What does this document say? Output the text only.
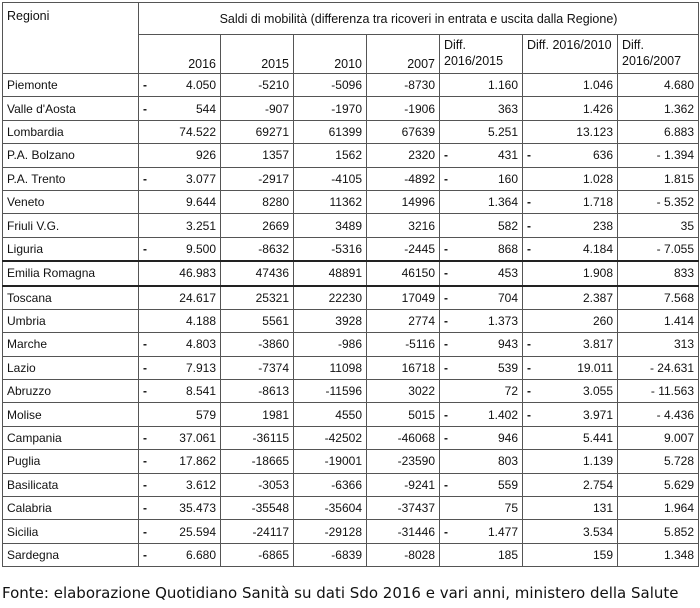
Regioni	Saldi di mobilità (differenza tra ricoveri in entrata e uscita dalla Regione)						
	2016	2015	2010	2007	Diff. 2016/2015	Diff. 2016/2010	Diff. 2016/2007
Piemonte	- 4.050	-5210	-5096	-8730	1.160	1.046	4.680
Valle d'Aosta	- 544	-907	-1970	-1906	363	1.426	1.362
Lombardia	74.522	69271	61399	67639	5.251	13.123	6.883
P.A. Bolzano	926	1357	1562	2320	- 431	- 636	- 1.394
P.A. Trento	- 3.077	-2917	-4105	-4892	- 160	1.028	1.815
Veneto	9.644	8280	11362	14996	1.364	- 1.718	- 5.352
Friuli V.G.	3.251	2669	3489	3216	582	- 238	35
Liguria	- 9.500	-8632	-5316	-2445	- 868	- 4.184	- 7.055
Emilia Romagna	46.983	47436	48891	46150	- 453	1.908	833
Toscana	24.617	25321	22230	17049	- 704	2.387	7.568
Umbria	4.188	5561	3928	2774	- 1.373	260	1.414
Marche	- 4.803	-3860	-986	-5116	- 943	- 3.817	313
Lazio	- 7.913	-7374	11098	16718	- 539	- 19.011	- 24.631
Abruzzo	- 8.541	-8613	-11596	3022	72	- 3.055	- 11.563
Molise	579	1981	4550	5015	- 1.402	- 3.971	- 4.436
Campania	- 37.061	-36115	-42502	-46068	- 946	5.441	9.007
Puglia	- 17.862	-18665	-19001	-23590	803	1.139	5.728
Basilicata	- 3.612	-3053	-6366	-9241	- 559	2.754	5.629
Calabria	- 35.473	-35548	-35604	-37437	75	131	1.964
Sicilia	- 25.594	-24117	-29128	-31446	- 1.477	3.534	5.852
Sardegna	- 6.680	-6865	-6839	-8028	185	159	1.348
Fonte: elaborazione Quotidiano Sanità su dati Sdo 2016 e vari anni, ministero della Salute
